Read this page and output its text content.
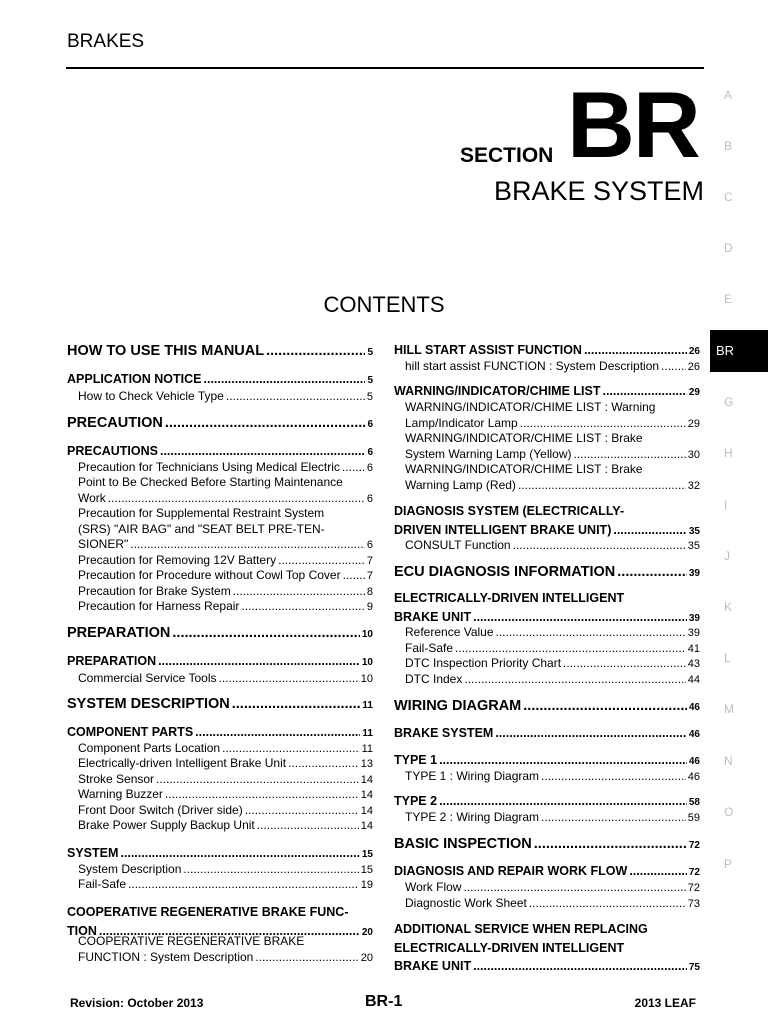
BRAKES
SECTION BR
BRAKE SYSTEM
CONTENTS
A
B
C
D
E
BR
G
H
I
J
K
L
M
N
O
P
HOW TO USE THIS MANUAL .....	5
APPLICATION NOTICE .....	5
How to Check Vehicle Type .....	5
PRECAUTION .....	6
PRECAUTIONS .....	6
Precaution for Technicians Using Medical Electric ..... 6
Point to Be Checked Before Starting Maintenance
Work .....	6
Precaution for Supplemental Restraint System
(SRS) "AIR BAG" and "SEAT BELT PRE-TEN-
SIONER" .....	6
Precaution for Removing 12V Battery .....	7
Precaution for Procedure without Cowl Top Cover ..... 7
Precaution for Brake System .....	8
Precaution for Harness Repair .....	9
PREPARATION .....	10
PREPARATION .....	10
Commercial Service Tools .....	10
SYSTEM DESCRIPTION .....	11
COMPONENT PARTS .....	11
Component Parts Location .....	11
Electrically-driven Intelligent Brake Unit .....	13
Stroke Sensor .....	14
Warning Buzzer .....	14
Front Door Switch (Driver side) .....	14
Brake Power Supply Backup Unit .....	14
SYSTEM .....	15
System Description .....	15
Fail-Safe .....	19
COOPERATIVE REGENERATIVE BRAKE FUNC-
TION .....	20
COOPERATIVE REGENERATIVE BRAKE
FUNCTION : System Description .....	20
HILL START ASSIST FUNCTION .....	26
hill start assist FUNCTION : System Description .....	26
WARNING/INDICATOR/CHIME LIST .....	29
WARNING/INDICATOR/CHIME LIST : Warning
Lamp/Indicator Lamp .....	29
WARNING/INDICATOR/CHIME LIST : Brake
System Warning Lamp (Yellow) .....	30
WARNING/INDICATOR/CHIME LIST : Brake
Warning Lamp (Red) .....	32
DIAGNOSIS SYSTEM (ELECTRICALLY-
DRIVEN INTELLIGENT BRAKE UNIT) .....	35
CONSULT Function .....	35
ECU DIAGNOSIS INFORMATION .....	39
ELECTRICALLY-DRIVEN INTELLIGENT
BRAKE UNIT .....	39
Reference Value .....	39
Fail-Safe .....	41
DTC Inspection Priority Chart .....	43
DTC Index .....	44
WIRING DIAGRAM .....	46
BRAKE SYSTEM .....	46
TYPE 1 .....	46
TYPE 1 : Wiring Diagram .....	46
TYPE 2 .....	58
TYPE 2 : Wiring Diagram .....	59
BASIC INSPECTION .....	72
DIAGNOSIS AND REPAIR WORK FLOW .....	72
Work Flow .....	72
Diagnostic Work Sheet .....	73
ADDITIONAL SERVICE WHEN REPLACING
ELECTRICALLY-DRIVEN INTELLIGENT
BRAKE UNIT .....	75
Revision: October 2013	BR-1	2013 LEAF
